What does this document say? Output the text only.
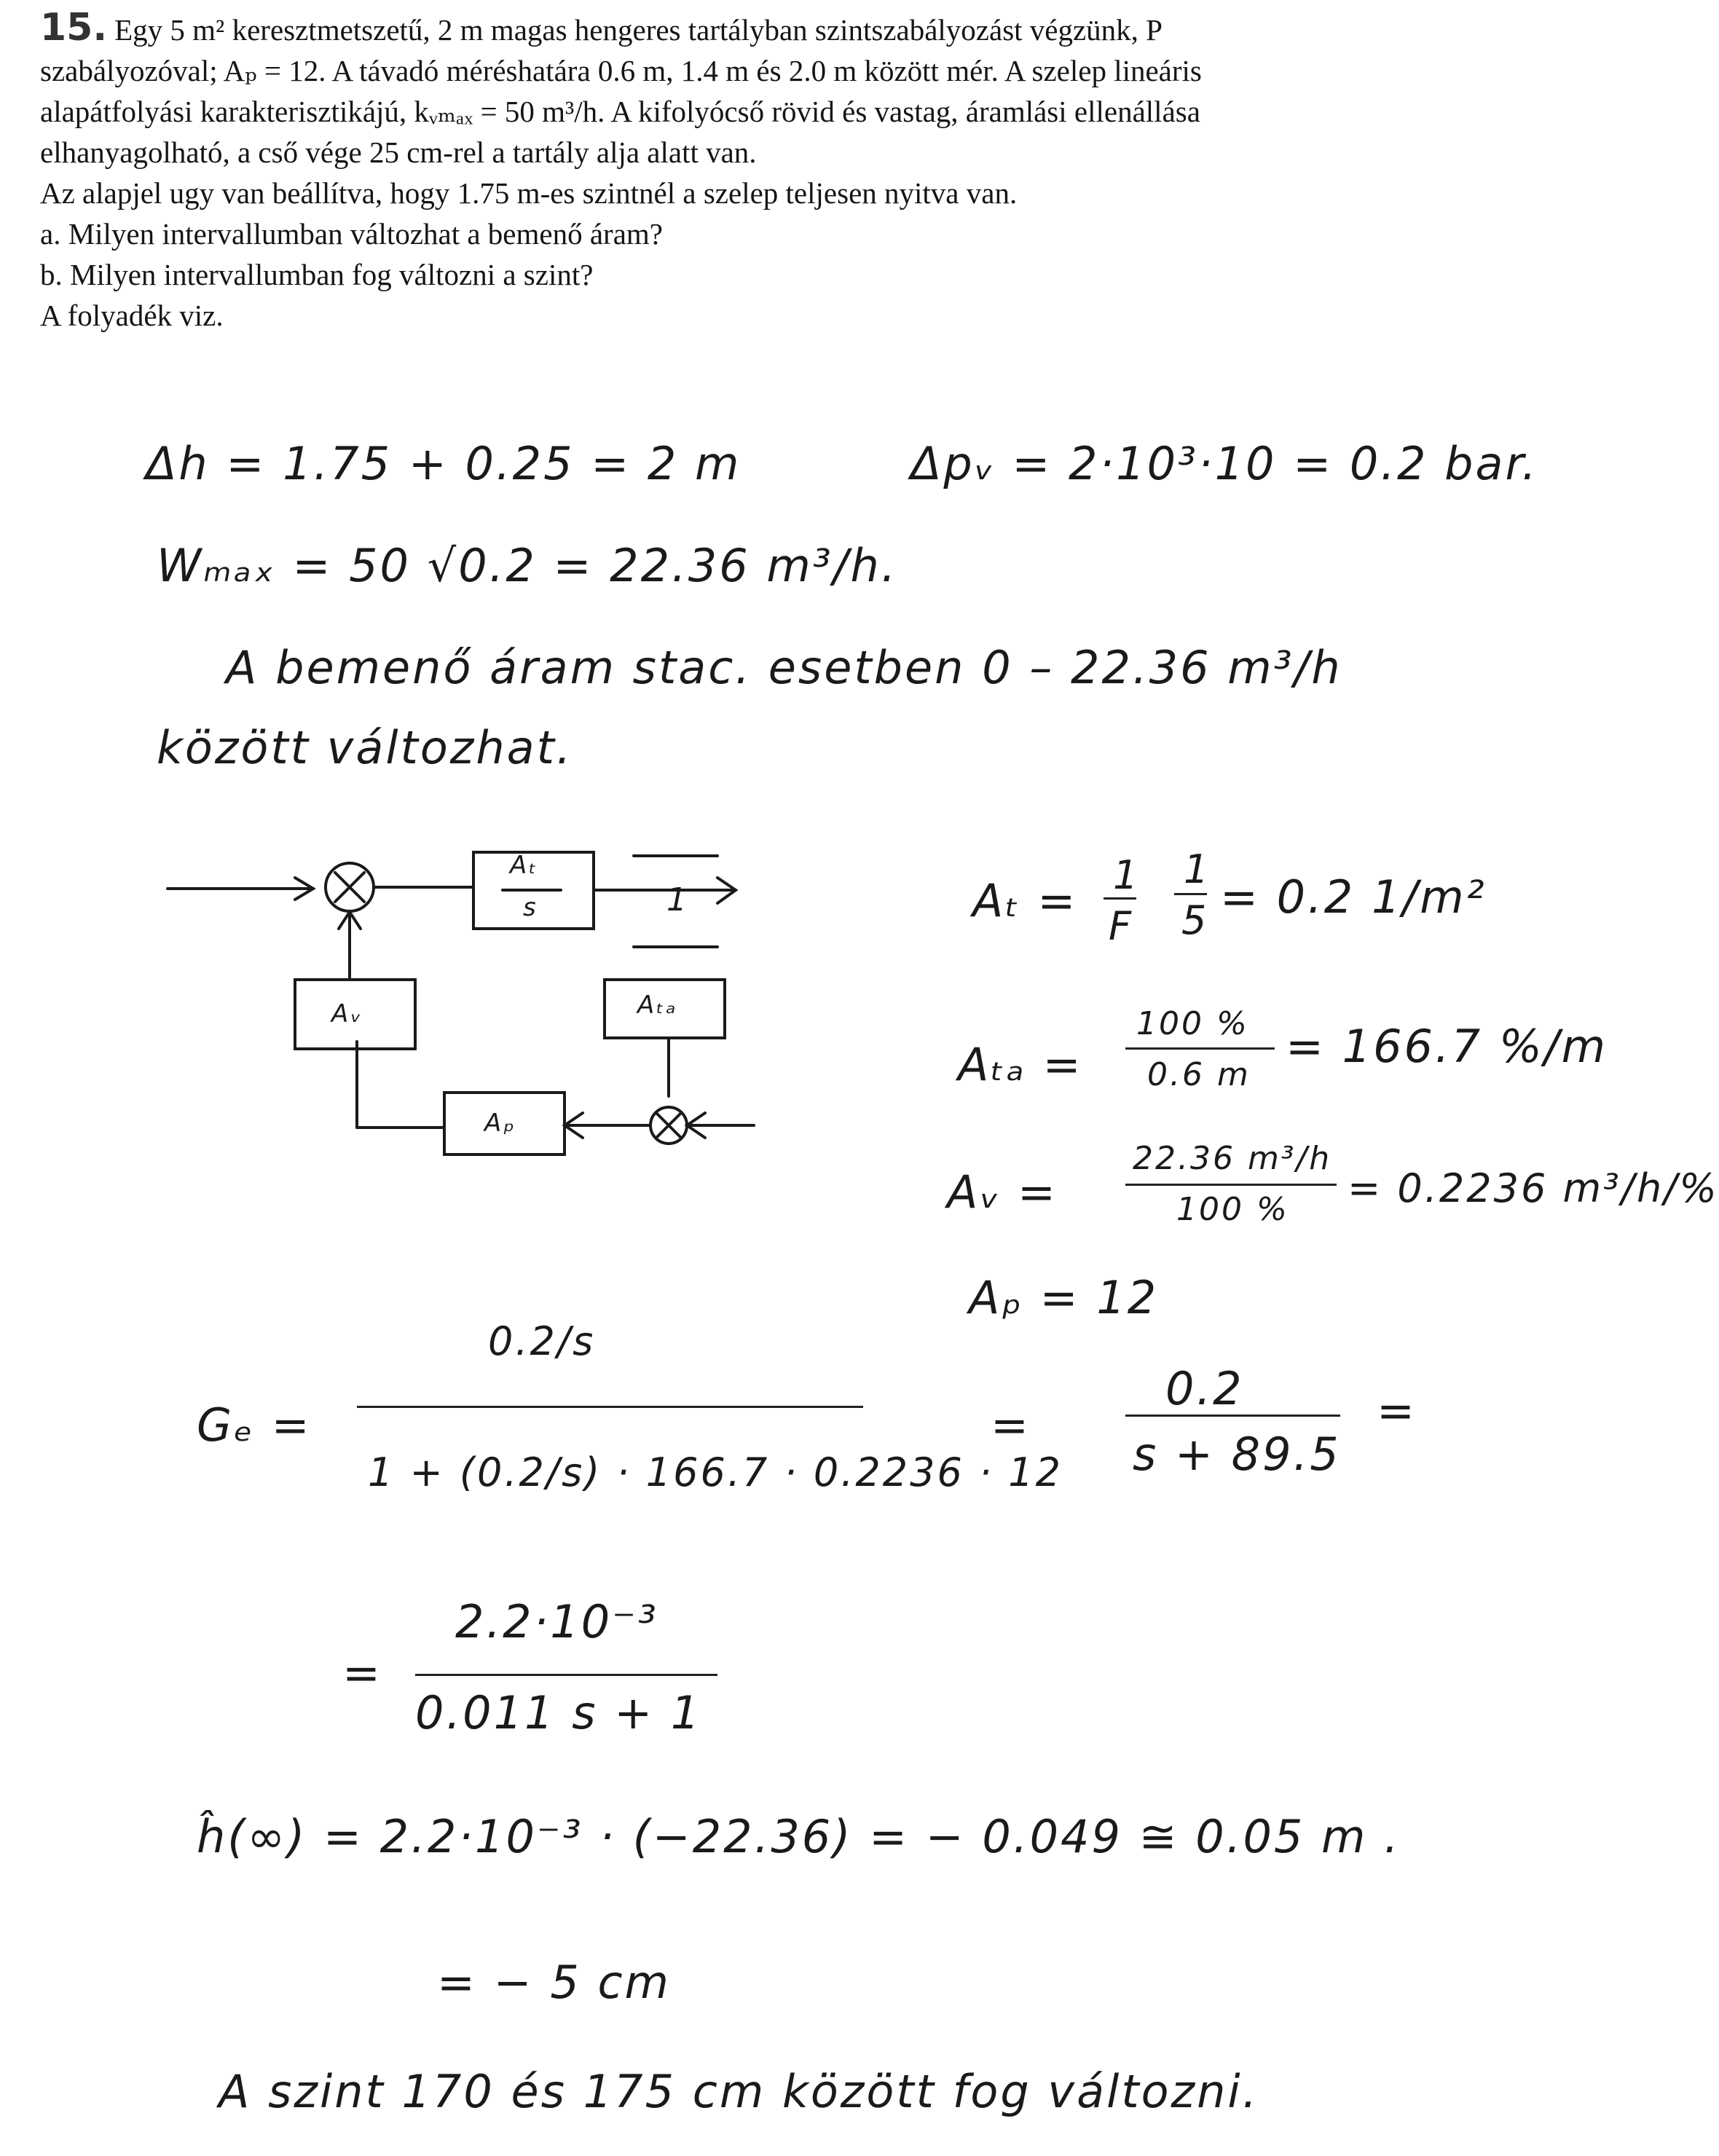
15. Egy 5 m² keresztmetszetű, 2 m magas hengeres tartályban szintszabályozást végzünk, P

szabályozóval; Aₚ = 12. A távadó méréshatára 0.6 m, 1.4 m és 2.0 m között mér. A szelep lineáris

alapátfolyási karakterisztikájú, kᵥₘₐₓ = 50 m³/h. A kifolyócső rövid és vastag, áramlási ellenállása

elhanyagolható, a cső vége 25 cm-rel a tartály alja alatt van.

Az alapjel ugy van beállítva, hogy 1.75 m-es szintnél a szelep teljesen nyitva van.

a. Milyen intervallumban változhat a bemenő áram?

b. Milyen intervallumban fog változni a szint?

A folyadék viz.

Δh = 1.75 + 0.25 = 2 m	Δpᵥ = 2·10³·10 = 0.2 bar.
Wₘₐₓ = 50 √0.2 = 22.36 m³/h.
A bemenő áram stac. esetben 0 – 22.36 m³/h
között változhat.
Aₜ
s	1
Aₜₐ
Aᵥ
Aₚ
Aₜ = 1
F
1
5 = 0.2 1/m²
Aₜₐ =
100 %
0.6 m
= 166.7 %/m
Aᵥ =
22.36 m³/h
100 % = 0.2236 m³/h/%
Aₚ = 12
Gₑ =
0.2/s
1 + (0.2/s) · 166.7 · 0.2236 · 12
=
0.2
s + 89.5
=
=
2.2·10⁻³
0.011 s + 1
ĥ(∞) = 2.2·10⁻³ · (−22.36) = − 0.049 ≅ 0.05 m .
= − 5 cm
A szint 170 és 175 cm között fog változni.
